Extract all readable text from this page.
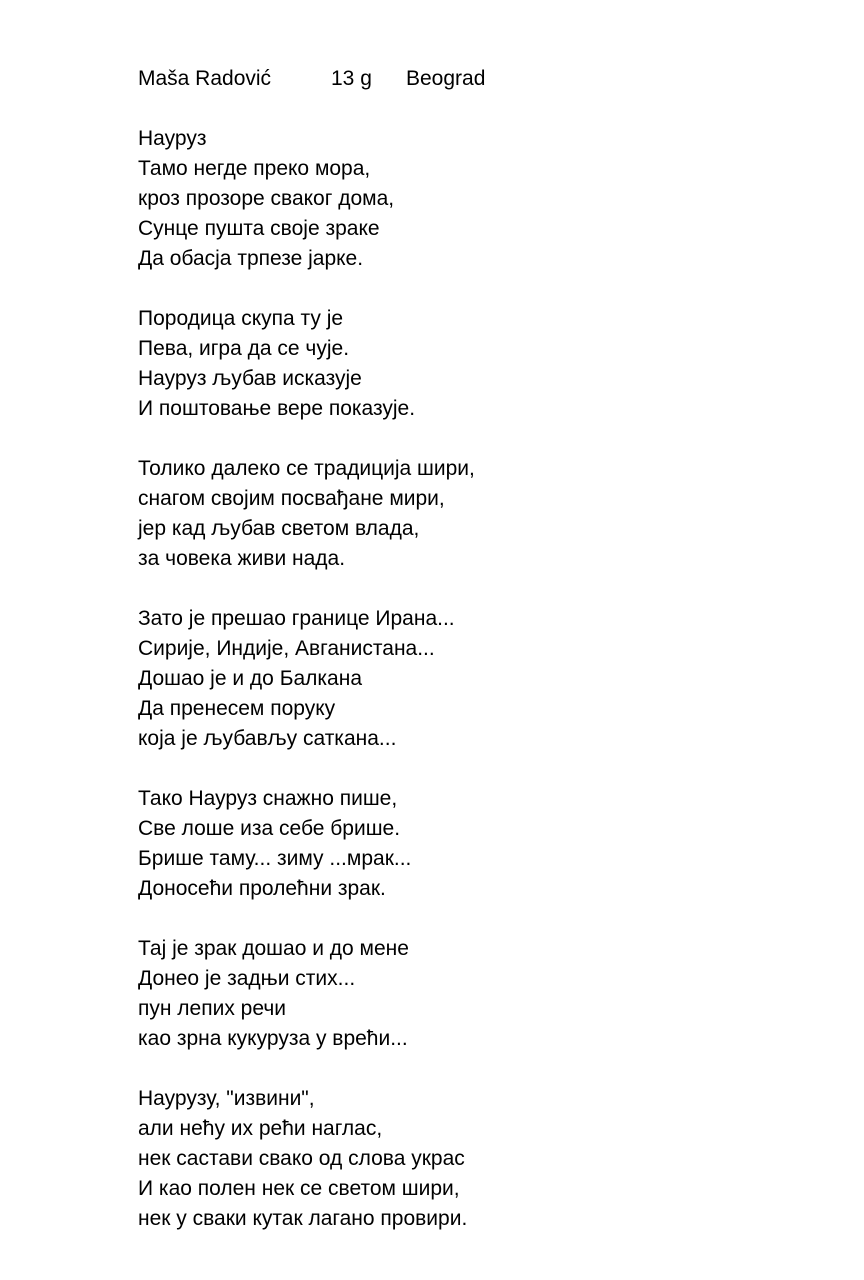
Maša Radović	13 g Beograd
Науруз
Тамо негде преко мора,
кроз прозоре сваког дома,
Сунце пушта своје зраке
Да обасја трпезе јарке.
Породица скупа ту је
Пева, игра да се чује.
Науруз љубав исказује
И поштовање вере показује.
Толико далеко се традиција шири,
снагом својим посвађане мири,
јер кад љубав светом влада,
за човека живи нада.
Зато је прешао границе Ирана...
Сирије, Индије, Авганистана...
Дошао је и до Балкана
Да пренесем поруку
која је љубављу саткана...
Тако Науруз снажно пише,
Све лоше иза себе брише.
Брише таму... зиму ...мрак...
Доносећи пролећни зрак.
Тај је зрак дошао и до мене
Донео је задњи стих...
пун лепих речи
као зрна кукуруза у врећи...
Наурузу, "извини",
али нећу их рећи наглас,
нек састави свако од слова украс
И као полен нек се светом шири,
нек у сваки кутак лагано провири.
